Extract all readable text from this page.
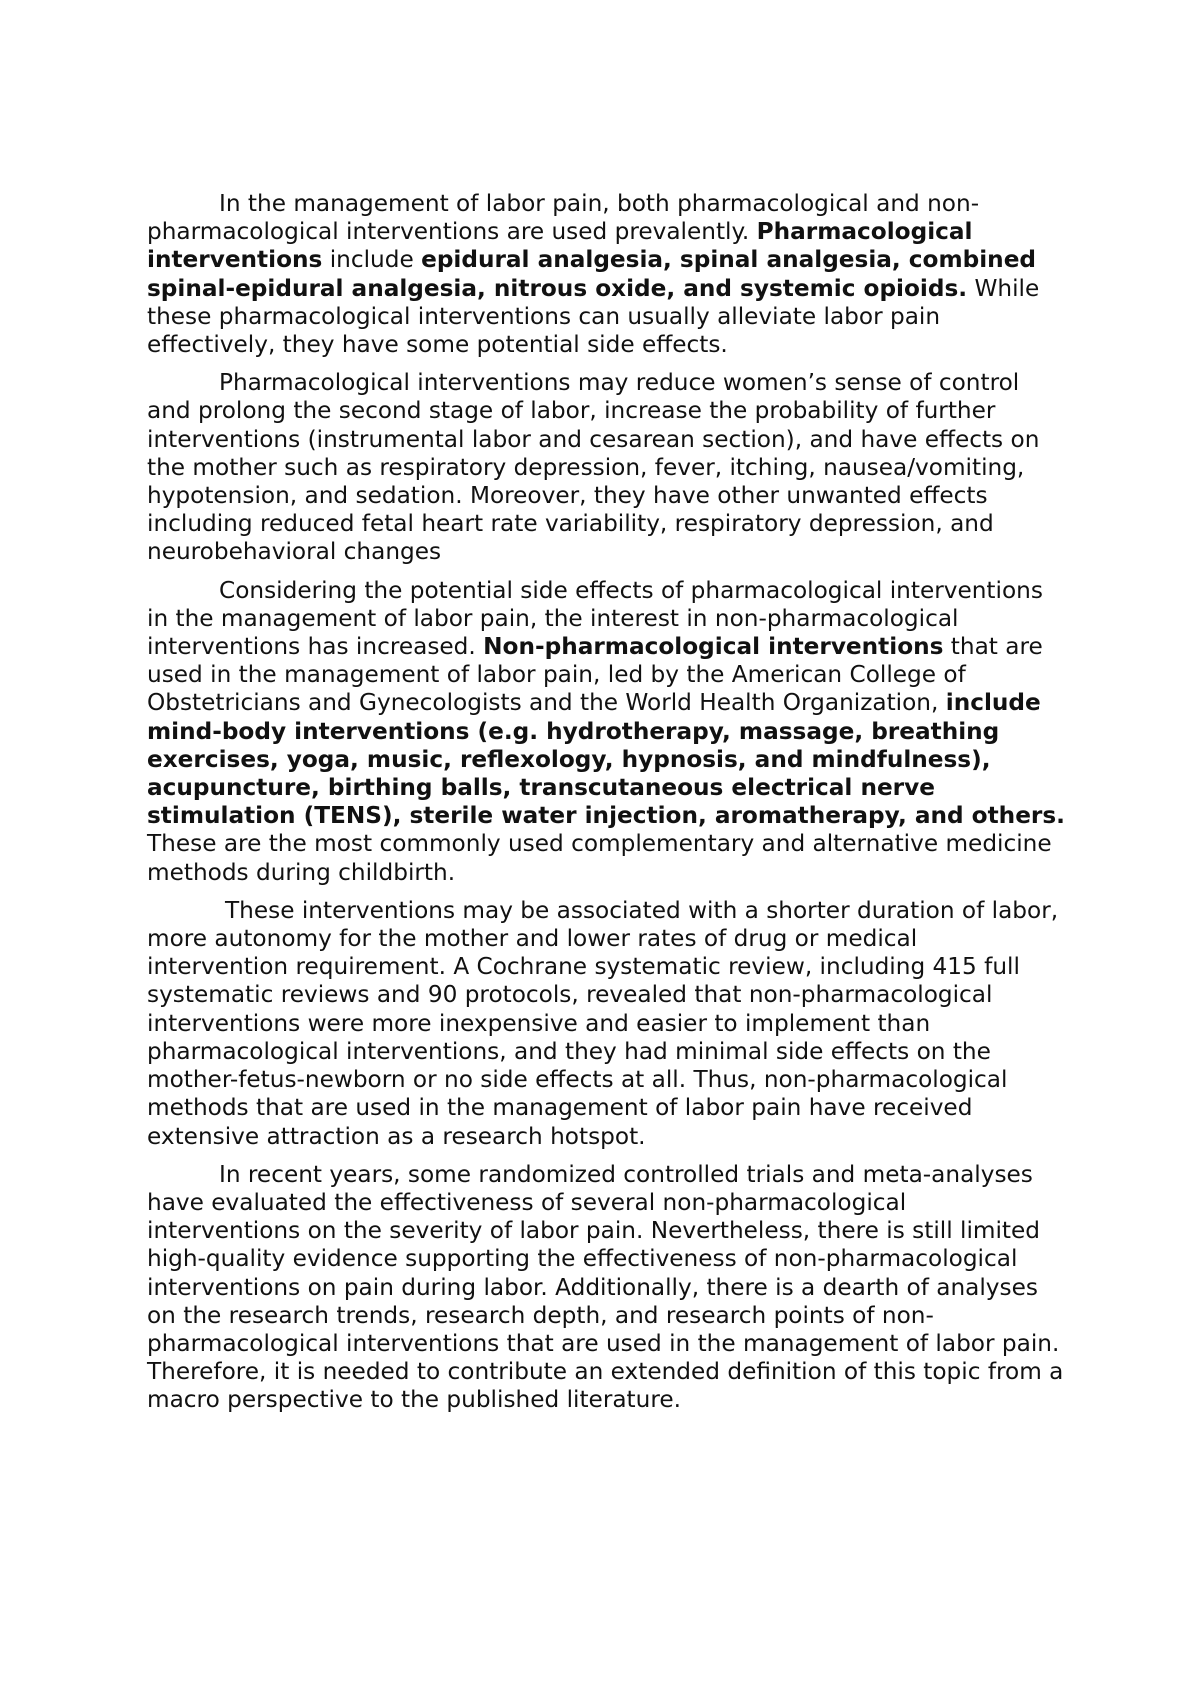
In the management of labor pain, both pharmacological and non-pharmacological interventions are used prevalently. Pharmacological interventions include epidural analgesia, spinal analgesia, combined spinal-epidural analgesia, nitrous oxide, and systemic opioids. While these pharmacological interventions can usually alleviate labor pain effectively, they have some potential side effects.

Pharmacological interventions may reduce women’s sense of control and prolong the second stage of labor, increase the probability of further interventions (instrumental labor and cesarean section), and have effects on the mother such as respiratory depression, fever, itching, nausea/vomiting, hypotension, and sedation. Moreover, they have other unwanted effects including reduced fetal heart rate variability, respiratory depression, and neurobehavioral changes

Considering the potential side effects of pharmacological interventions in the management of labor pain, the interest in non-pharmacological interventions has increased. Non-pharmacological interventions that are used in the management of labor pain, led by the American College of Obstetricians and Gynecologists and the World Health Organization, include mind-body interventions (e.g. hydrotherapy, massage, breathing exercises, yoga, music, reflexology, hypnosis, and mindfulness), acupuncture, birthing balls, transcutaneous electrical nerve stimulation (TENS), sterile water injection, aromatherapy, and others. These are the most commonly used complementary and alternative medicine methods during childbirth.

These interventions may be associated with a shorter duration of labor, more autonomy for the mother and lower rates of drug or medical intervention requirement. A Cochrane systematic review, including 415 full systematic reviews and 90 protocols, revealed that non-pharmacological interventions were more inexpensive and easier to implement than pharmacological interventions, and they had minimal side effects on the mother-fetus-newborn or no side effects at all. Thus, non-pharmacological methods that are used in the management of labor pain have received extensive attraction as a research hotspot.

In recent years, some randomized controlled trials and meta-analyses have evaluated the effectiveness of several non-pharmacological interventions on the severity of labor pain. Nevertheless, there is still limited high-quality evidence supporting the effectiveness of non-pharmacological interventions on pain during labor. Additionally, there is a dearth of analyses on the research trends, research depth, and research points of non-pharmacological interventions that are used in the management of labor pain. Therefore, it is needed to contribute an extended definition of this topic from a macro perspective to the published literature.
